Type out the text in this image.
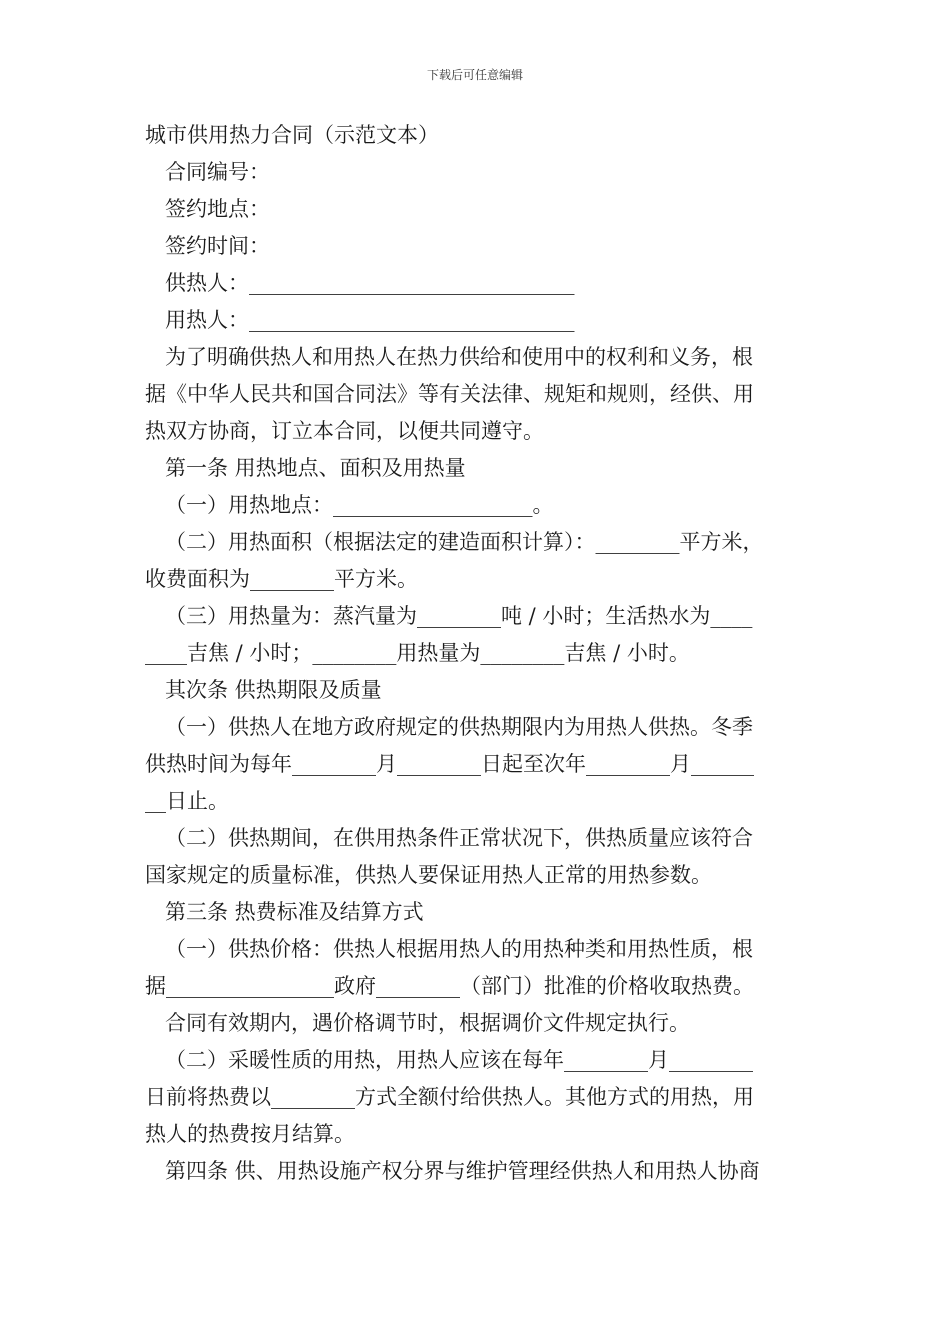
下载后可任意编辑
城市供用热力合同（示范文本）
合同编号：
签约地点：
签约时间：
供热人：_______________________________
用热人：_______________________________
为了明确供热人和用热人在热力供给和使用中的权利和义务，根
据《中华人民共和国合同法》等有关法律、规矩和规则，经供、用
热双方协商，订立本合同，以便共同遵守。
第一条 用热地点、面积及用热量
（一）用热地点：___________________。
（二）用热面积（根据法定的建造面积计算）：________平方米，
收费面积为________平方米。
（三）用热量为：蒸汽量为________吨 / 小时；生活热水为____
____吉焦 / 小时；________用热量为________吉焦 / 小时。
其次条 供热期限及质量
（一）供热人在地方政府规定的供热期限内为用热人供热。冬季
供热时间为每年________月________日起至次年________月______
__日止。
（二）供热期间，在供用热条件正常状况下，供热质量应该符合
国家规定的质量标准，供热人要保证用热人正常的用热参数。
第三条 热费标准及结算方式
（一）供热价格：供热人根据用热人的用热种类和用热性质，根
据________________政府________（部门）批准的价格收取热费。
合同有效期内，遇价格调节时，根据调价文件规定执行。
（二）采暖性质的用热，用热人应该在每年________月________
日前将热费以________方式全额付给供热人。其他方式的用热，用
热人的热费按月结算。
第四条 供、用热设施产权分界与维护管理经供热人和用热人协商
